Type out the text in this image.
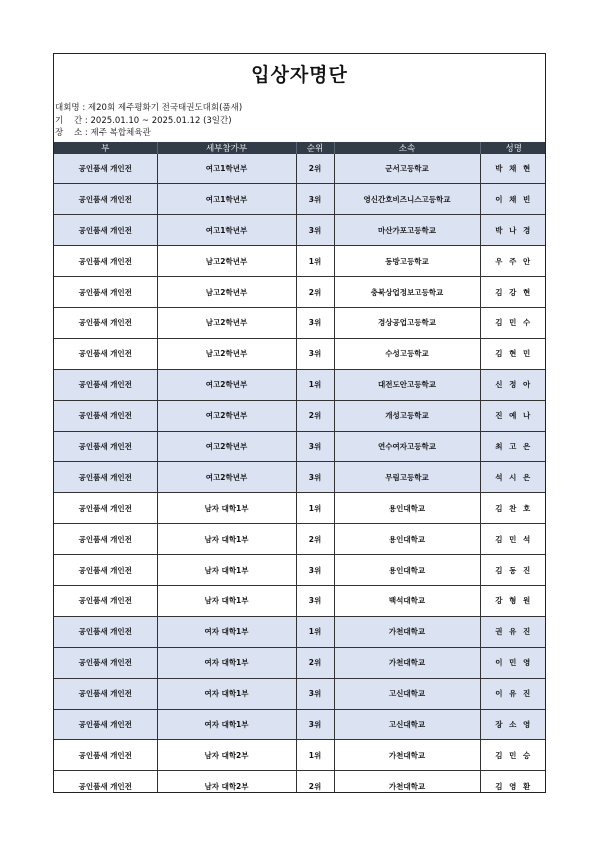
입상자명단
대회명 : 제20회 제주평화기 전국태권도대회(품새)
기    간 : 2025.01.10 ~ 2025.01.12 (3일간)
장    소 : 제주 복합체육관
부	세부참가부	순위	소속	성명
공인품새 개인전	여고1학년부	2위	군서고등학교	박 채 현
공인품새 개인전	여고1학년부	3위	영신간호비즈니스고등학교	이 채 빈
공인품새 개인전	여고1학년부	3위	마산가포고등학교	박 나 경
공인품새 개인전	남고2학년부	1위	동방고등학교	우 주 안
공인품새 개인전	남고2학년부	2위	충북상업정보고등학교	김 강 현
공인품새 개인전	남고2학년부	3위	경상공업고등학교	김 민 수
공인품새 개인전	남고2학년부	3위	수성고등학교	김 현 민
공인품새 개인전	여고2학년부	1위	대전도안고등학교	신 정 아
공인품새 개인전	여고2학년부	2위	개성고등학교	진 예 나
공인품새 개인전	여고2학년부	3위	연수여자고등학교	최 고 은
공인품새 개인전	여고2학년부	3위	무림고등학교	석 시 은
공인품새 개인전	남자 대학1부	1위	용인대학교	김 찬 호
공인품새 개인전	남자 대학1부	2위	용인대학교	김 민 석
공인품새 개인전	남자 대학1부	3위	용인대학교	김 동 진
공인품새 개인전	남자 대학1부	3위	백석대학교	강 형 원
공인품새 개인전	여자 대학1부	1위	가천대학교	권 유 진
공인품새 개인전	여자 대학1부	2위	가천대학교	이 민 영
공인품새 개인전	여자 대학1부	3위	고신대학교	이 유 진
공인품새 개인전	여자 대학1부	3위	고신대학교	장 소 영
공인품새 개인전	남자 대학2부	1위	가천대학교	김 민 승
공인품새 개인전	남자 대학2부	2위	가천대학교	김 영 환
